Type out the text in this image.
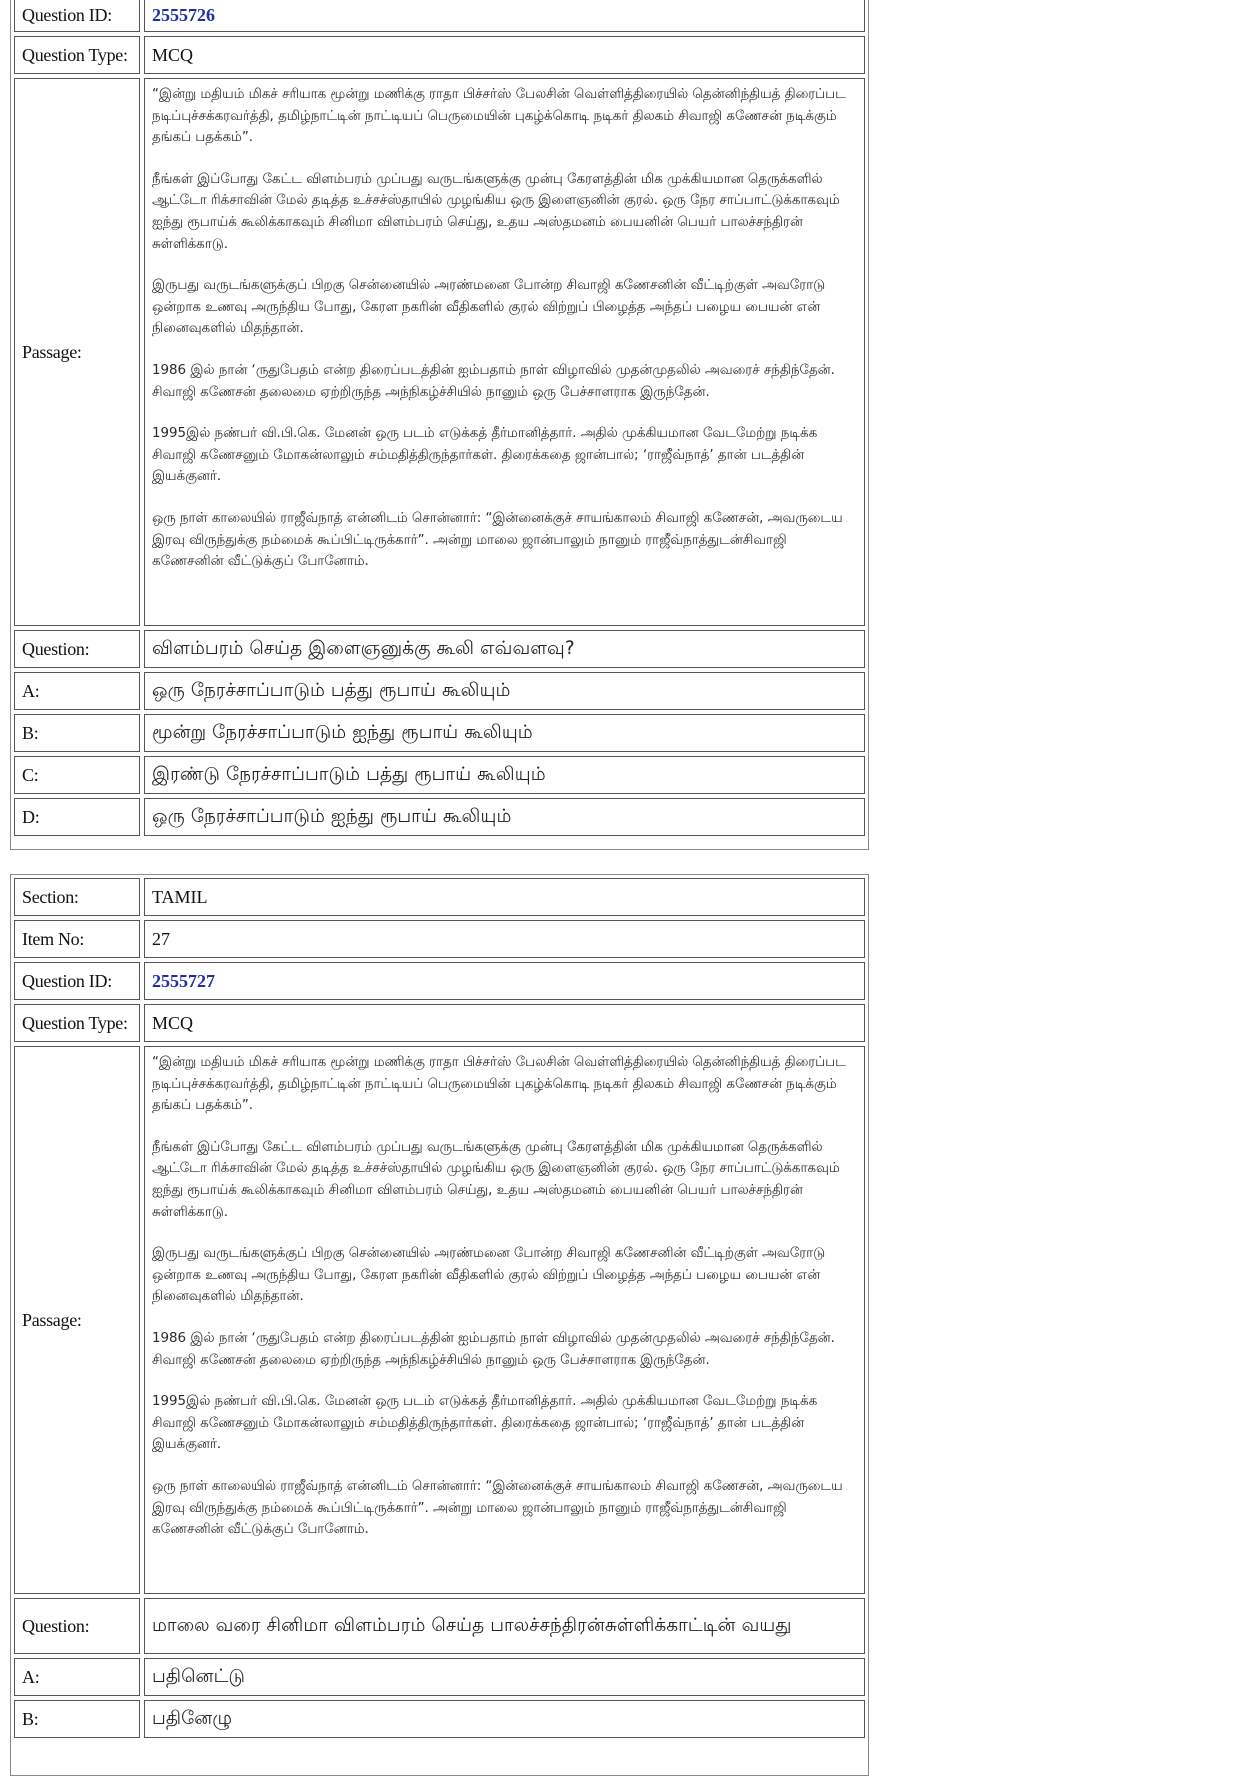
Question ID:	2555726
Question Type:	MCQ
Passage:

“இன்று மதியம் மிகச் சரியாக மூன்று மணிக்கு ராதா பிச்சர்ஸ் பேலசின் வெள்ளித்திரையில் தென்னிந்தியத் திரைப்பட நடிப்புச்சக்கரவர்த்தி, தமிழ்நாட்டின் நாட்டியப் பெருமையின் புகழ்க்கொடி நடிகர் திலகம் சிவாஜி கணேசன் நடிக்கும் தங்கப் பதக்கம்”.

நீங்கள் இப்போது கேட்ட விளம்பரம் முப்பது வருடங்களுக்கு முன்பு கேரளத்தின் மிக முக்கியமான தெருக்களில் ஆட்டோ ரிக்சாவின் மேல் தடித்த உச்சச்ஸ்தாயில் முழங்கிய ஒரு இளைஞனின் குரல். ஒரு நேர சாப்பாட்டுக்காகவும் ஐந்து ரூபாய்க் கூலிக்காகவும் சினிமா விளம்பரம் செய்து, உதய அஸ்தமனம் பையனின் பெயர் பாலச்சந்திரன் சுள்ளிக்காடு.

இருபது வருடங்களுக்குப் பிறகு சென்னையில் அரண்மனை போன்ற சிவாஜி கணேசனின் வீட்டிற்குள் அவரோடு ஒன்றாக உணவு அருந்திய போது, கேரள நகரின் வீதிகளில் குரல் விற்றுப் பிழைத்த அந்தப் பழைய பையன் என் நினைவுகளில் மிதந்தான்.

1986 இல் நான் ‘ருதுபேதம் என்ற திரைப்படத்தின் ஐம்பதாம் நாள் விழாவில் முதன்முதலில் அவரைச் சந்திந்தேன். சிவாஜி கணேசன் தலைமை ஏற்றிருந்த அந்நிகழ்ச்சியில் நானும் ஒரு பேச்சாளராக இருந்தேன்.

1995இல் நண்பர் வி.பி.கெ. மேனன் ஒரு படம் எடுக்கத் தீர்மானித்தார். அதில் முக்கியமான வேடமேற்று நடிக்க சிவாஜி கணேசனும் மோகன்லாலும் சம்மதித்திருந்தார்கள். திரைக்கதை ஜான்பால்; ‘ராஜீவ்நாத்’ தான் படத்தின் இயக்குனர்.

ஒரு நாள் காலையில் ராஜீவ்நாத் என்னிடம் சொன்னார்: “இன்னைக்குச் சாயங்காலம் சிவாஜி கணேசன், அவருடைய இரவு விருந்துக்கு நம்மைக் கூப்பிட்டிருக்கார்”. அன்று மாலை ஜான்பாலும் நானும் ராஜீவ்நாத்துடன்சிவாஜி கணேசனின் வீட்டுக்குப் போனோம்.

Question:	விளம்பரம் செய்த இளைஞனுக்கு கூலி எவ்வளவு?
A:	ஒரு நேரச்சாப்பாடும் பத்து ரூபாய் கூலியும்
B:	மூன்று நேரச்சாப்பாடும் ஐந்து ரூபாய் கூலியும்
C:	இரண்டு நேரச்சாப்பாடும் பத்து ரூபாய் கூலியும்
D:	ஒரு நேரச்சாப்பாடும் ஐந்து ரூபாய் கூலியும்
Section:	TAMIL
Item No:	27
Question ID:	2555727
Question Type:	MCQ
Passage:

“இன்று மதியம் மிகச் சரியாக மூன்று மணிக்கு ராதா பிச்சர்ஸ் பேலசின் வெள்ளித்திரையில் தென்னிந்தியத் திரைப்பட நடிப்புச்சக்கரவர்த்தி, தமிழ்நாட்டின் நாட்டியப் பெருமையின் புகழ்க்கொடி நடிகர் திலகம் சிவாஜி கணேசன் நடிக்கும் தங்கப் பதக்கம்”.

நீங்கள் இப்போது கேட்ட விளம்பரம் முப்பது வருடங்களுக்கு முன்பு கேரளத்தின் மிக முக்கியமான தெருக்களில் ஆட்டோ ரிக்சாவின் மேல் தடித்த உச்சச்ஸ்தாயில் முழங்கிய ஒரு இளைஞனின் குரல். ஒரு நேர சாப்பாட்டுக்காகவும் ஐந்து ரூபாய்க் கூலிக்காகவும் சினிமா விளம்பரம் செய்து, உதய அஸ்தமனம் பையனின் பெயர் பாலச்சந்திரன் சுள்ளிக்காடு.

இருபது வருடங்களுக்குப் பிறகு சென்னையில் அரண்மனை போன்ற சிவாஜி கணேசனின் வீட்டிற்குள் அவரோடு ஒன்றாக உணவு அருந்திய போது, கேரள நகரின் வீதிகளில் குரல் விற்றுப் பிழைத்த அந்தப் பழைய பையன் என் நினைவுகளில் மிதந்தான்.

1986 இல் நான் ‘ருதுபேதம் என்ற திரைப்படத்தின் ஐம்பதாம் நாள் விழாவில் முதன்முதலில் அவரைச் சந்திந்தேன். சிவாஜி கணேசன் தலைமை ஏற்றிருந்த அந்நிகழ்ச்சியில் நானும் ஒரு பேச்சாளராக இருந்தேன்.

1995இல் நண்பர் வி.பி.கெ. மேனன் ஒரு படம் எடுக்கத் தீர்மானித்தார். அதில் முக்கியமான வேடமேற்று நடிக்க சிவாஜி கணேசனும் மோகன்லாலும் சம்மதித்திருந்தார்கள். திரைக்கதை ஜான்பால்; ‘ராஜீவ்நாத்’ தான் படத்தின் இயக்குனர்.

ஒரு நாள் காலையில் ராஜீவ்நாத் என்னிடம் சொன்னார்: “இன்னைக்குச் சாயங்காலம் சிவாஜி கணேசன், அவருடைய இரவு விருந்துக்கு நம்மைக் கூப்பிட்டிருக்கார்”. அன்று மாலை ஜான்பாலும் நானும் ராஜீவ்நாத்துடன்சிவாஜி கணேசனின் வீட்டுக்குப் போனோம்.

Question:	மாலை வரை சினிமா விளம்பரம் செய்த பாலச்சந்திரன்சுள்ளிக்காட்டின் வயது
A:	பதினெட்டு
B:	பதினேழு
